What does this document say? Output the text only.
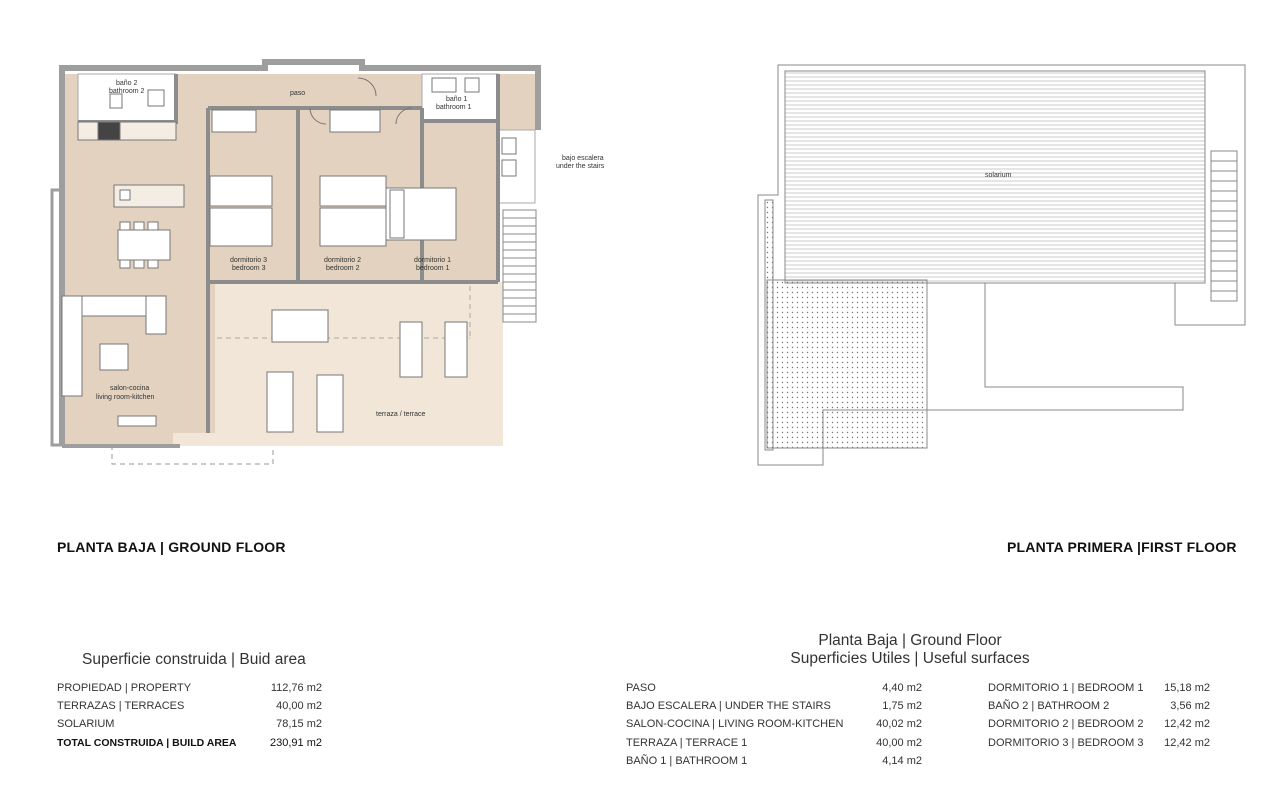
baño 2
bathroom 2	paso
baño 1
bathroom 1
bajo escalera
under the stairs
dormitorio 3
bedroom 3
dormitorio 2
bedroom 2
dormitorio 1
bedroom 1
salon-cocina
living room-kitchen
terraza / terrace
solarium
PLANTA BAJA | GROUND FLOOR	PLANTA PRIMERA |FIRST FLOOR
Superficie construida | Buid area
PROPIEDAD | PROPERTY	112,76 m2
TERRAZAS | TERRACES	40,00 m2
SOLARIUM	78,15 m2
TOTAL CONSTRUIDA | BUILD AREA	230,91 m2
Planta Baja | Ground Floor
Superficies Utiles | Useful surfaces
PASO	4,40 m2
BAJO ESCALERA | UNDER THE STAIRS	1,75 m2
SALON-COCINA | LIVING ROOM-KITCHEN	40,02 m2
TERRAZA | TERRACE 1	40,00 m2
BAÑO 1 | BATHROOM 1	4,14 m2
DORMITORIO 1 | BEDROOM 1	15,18 m2
BAÑO 2 | BATHROOM 2	3,56 m2
DORMITORIO 2 | BEDROOM 2	12,42 m2
DORMITORIO 3 | BEDROOM 3	12,42 m2
